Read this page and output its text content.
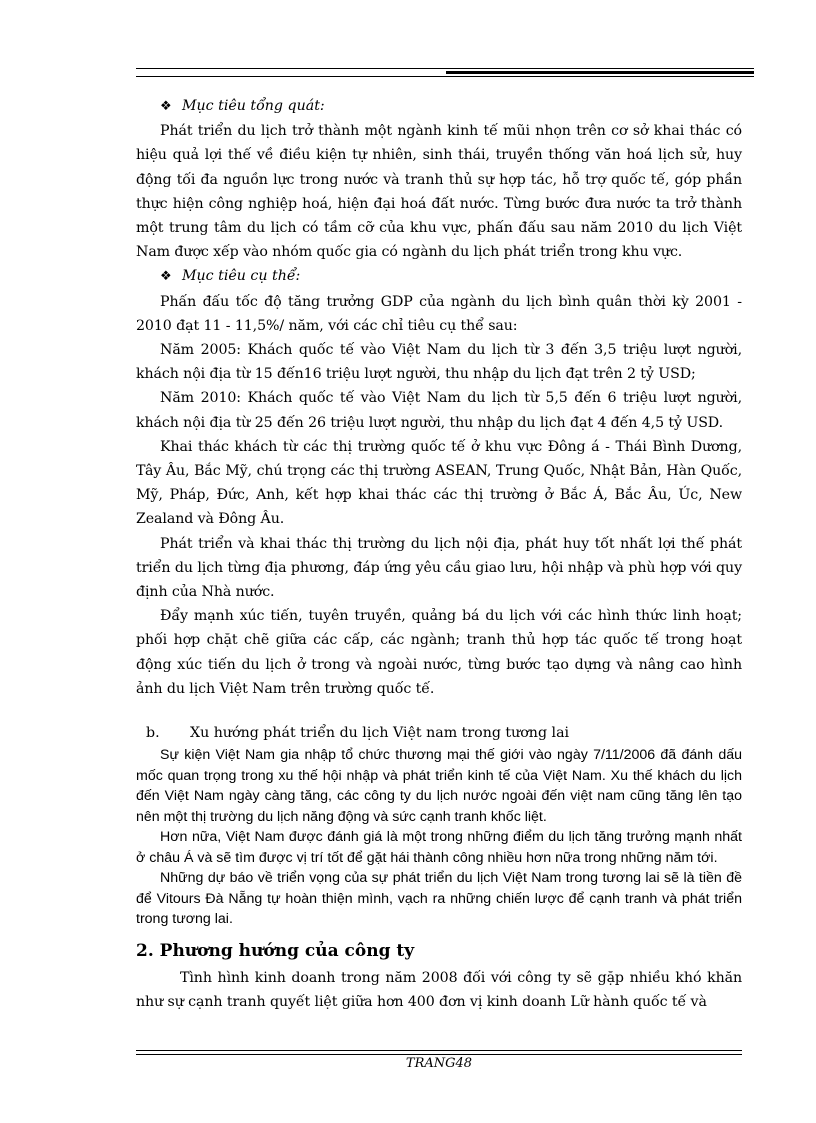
❖ Mục tiêu tổng quát:

Phát triển du lịch trở thành một ngành kinh tế mũi nhọn trên cơ sở khai thác có hiệu quả lợi thế về điều kiện tự nhiên, sinh thái, truyền thống văn hoá lịch sử, huy động tối đa nguồn lực trong nước và tranh thủ sự hợp tác, hỗ trợ quốc tế, góp phần thực hiện công nghiệp hoá, hiện đại hoá đất nước. Từng bước đưa nước ta trở thành một trung tâm du lịch có tầm cỡ của khu vực, phấn đấu sau năm 2010 du lịch Việt Nam được xếp vào nhóm quốc gia có ngành du lịch phát triển trong khu vực.

❖ Mục tiêu cụ thể:

Phấn đấu tốc độ tăng trưởng GDP của ngành du lịch bình quân thời kỳ 2001 - 2010 đạt 11 - 11,5%/ năm, với các chỉ tiêu cụ thể sau:

Năm 2005: Khách quốc tế vào Việt Nam du lịch từ 3 đến 3,5 triệu lượt người, khách nội địa từ 15 đến16 triệu lượt người, thu nhập du lịch đạt trên 2 tỷ USD;

Năm 2010: Khách quốc tế vào Việt Nam du lịch từ 5,5 đến 6 triệu lượt người, khách nội địa từ 25 đến 26 triệu lượt người, thu nhập du lịch đạt 4 đến 4,5 tỷ USD.

Khai thác khách từ các thị trường quốc tế ở khu vực Đông á - Thái Bình Dương, Tây Âu, Bắc Mỹ, chú trọng các thị trường ASEAN, Trung Quốc, Nhật Bản, Hàn Quốc, Mỹ, Pháp, Đức, Anh, kết hợp khai thác các thị trường ở Bắc Á, Bắc Âu, Úc, New Zealand và Đông Âu.

Phát triển và khai thác thị trường du lịch nội địa, phát huy tốt nhất lợi thế phát triển du lịch từng địa phương, đáp ứng yêu cầu giao lưu, hội nhập và phù hợp với quy định của Nhà nước.

Đẩy mạnh xúc tiến, tuyên truyền, quảng bá du lịch với các hình thức linh hoạt; phối hợp chặt chẽ giữa các cấp, các ngành; tranh thủ hợp tác quốc tế trong hoạt động xúc tiến du lịch ở trong và ngoài nước, từng bước tạo dựng và nâng cao hình ảnh du lịch Việt Nam trên trường quốc tế.

b. Xu hướng phát triển du lịch Việt nam trong tương lai

Sự kiện Việt Nam gia nhập tổ chức thương mại thế giới vào ngày 7/11/2006 đã đánh dấu mốc quan trọng trong xu thế hội nhập và phát triển kinh tế của Việt Nam. Xu thế khách du lịch đến Việt Nam ngày càng tăng, các công ty du lịch nước ngoài đến việt nam cũng tăng lên tạo nên một thị trường du lịch năng động và sức cạnh tranh khốc liệt.

Hơn nữa, Việt Nam được đánh giá là một trong những điểm du lịch tăng trưởng mạnh nhất ở châu Á và sẽ tìm được vị trí tốt để gặt hái thành công nhiều hơn nữa trong những năm tới.

Những dự báo về triển vọng của sự phát triển du lịch Việt Nam trong tương lai sẽ là tiền đề để Vitours Đà Nẵng tự hoàn thiện mình, vạch ra những chiến lược để cạnh tranh và phát triển trong tương lai.

2. Phương hướng của công ty

Tình hình kinh doanh trong năm 2008 đối với công ty sẽ gặp nhiều khó khăn như sự cạnh tranh quyết liệt giữa hơn 400 đơn vị kinh doanh Lữ hành quốc tế và

TRANG48
